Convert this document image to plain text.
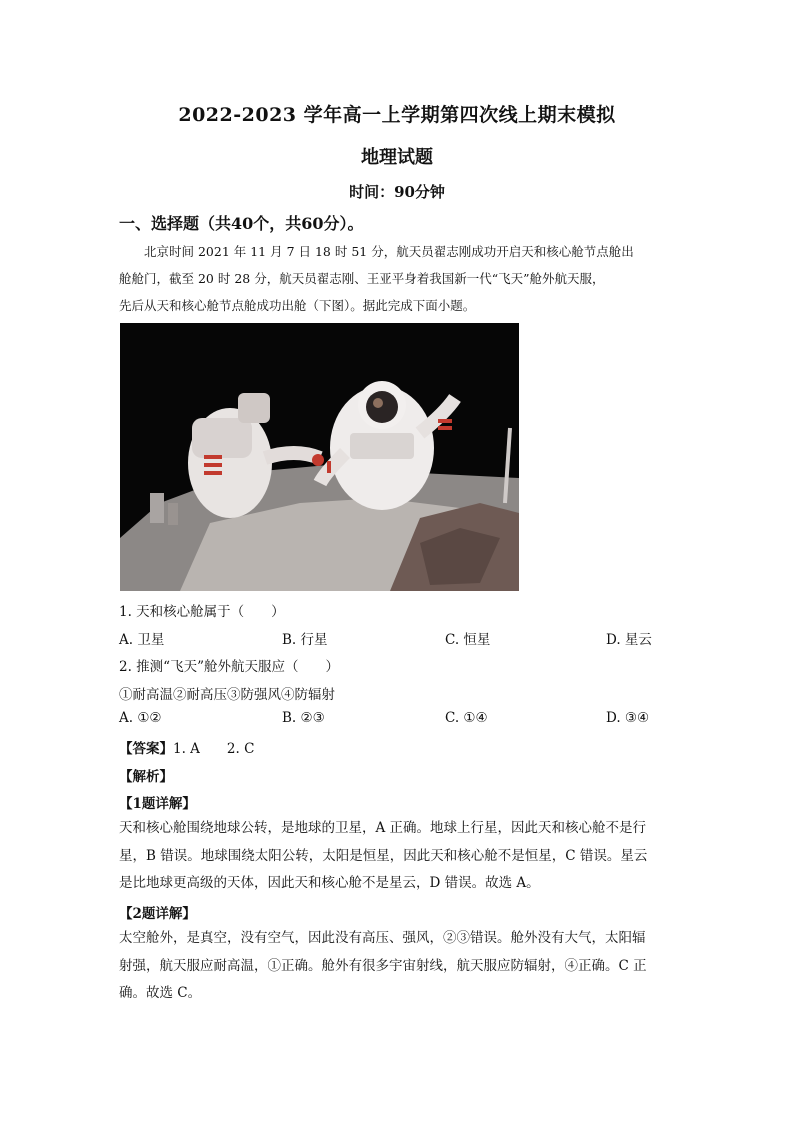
2022-2023 学年高一上学期第四次线上期末模拟
地理试题
时间：90分钟
一、选择题（共40个，共60分）。

北京时间 2021 年 11 月 7 日 18 时 51 分，航天员翟志刚成功开启天和核心舱节点舱出

舱舱门，截至 20 时 28 分，航天员翟志刚、王亚平身着我国新一代“飞天”舱外航天服，

先后从天和核心舱节点舱成功出舱（下图）。据此完成下面小题。

1. 天和核心舱属于（　　）
A. 卫星	B. 行星	C. 恒星	D. 星云
2. 推测“飞天”舱外航天服应（　　）
①耐高温②耐高压③防强风④防辐射
A. ①②	B. ②③	C. ①④	D. ③④
【答案】1. A　　2. C
【解析】
【1题详解】

天和核心舱围绕地球公转，是地球的卫星，A 正确。地球上行星，因此天和核心舱不是行

星，B 错误。地球围绕太阳公转，太阳是恒星，因此天和核心舱不是恒星，C 错误。星云

是比地球更高级的天体，因此天和核心舱不是星云，D 错误。故选 A。

【2题详解】

太空舱外，是真空，没有空气，因此没有高压、强风，②③错误。舱外没有大气，太阳辐

射强，航天服应耐高温，①正确。舱外有很多宇宙射线，航天服应防辐射，④正确。C 正

确。故选 C。
